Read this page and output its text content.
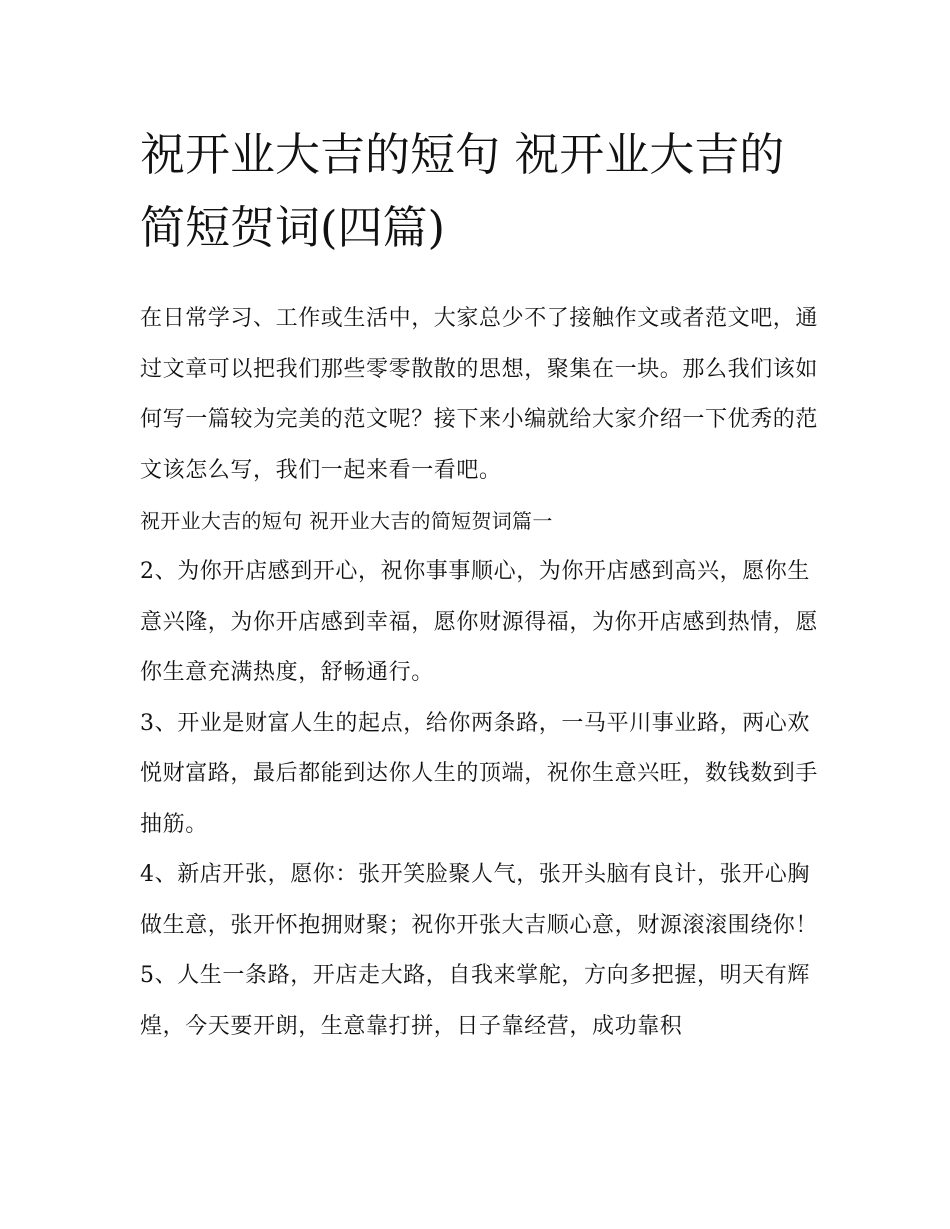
祝开业大吉的短句 祝开业大吉的简短贺词(四篇)

在日常学习、工作或生活中，大家总少不了接触作文或者范文吧，通过文章可以把我们那些零零散散的思想，聚集在一块。那么我们该如何写一篇较为完美的范文呢？接下来小编就给大家介绍一下优秀的范文该怎么写，我们一起来看一看吧。

祝开业大吉的短句 祝开业大吉的简短贺词篇一

2、为你开店感到开心，祝你事事顺心，为你开店感到高兴，愿你生意兴隆，为你开店感到幸福，愿你财源得福，为你开店感到热情，愿你生意充满热度，舒畅通行。

3、开业是财富人生的起点，给你两条路，一马平川事业路，两心欢悦财富路，最后都能到达你人生的顶端，祝你生意兴旺，数钱数到手抽筋。

4、新店开张，愿你：张开笑脸聚人气，张开头脑有良计，张开心胸做生意，张开怀抱拥财聚；祝你开张大吉顺心意，财源滚滚围绕你！

5、人生一条路，开店走大路，自我来掌舵，方向多把握，明天有辉煌，今天要开朗，生意靠打拼，日子靠经营，成功靠积
